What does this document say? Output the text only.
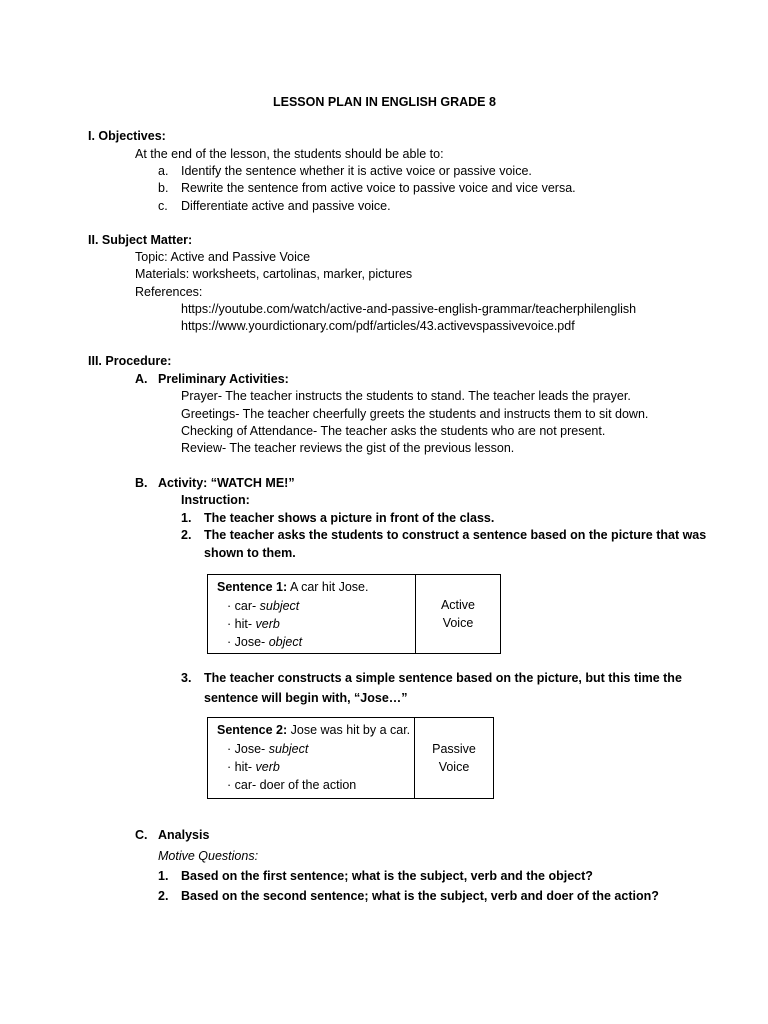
LESSON PLAN IN ENGLISH GRADE 8
I. Objectives:
At the end of the lesson, the students should be able to:
a. Identify the sentence whether it is active voice or passive voice.
b. Rewrite the sentence from active voice to passive voice and vice versa.
c. Differentiate active and passive voice.
II. Subject Matter:
Topic: Active and Passive Voice
Materials: worksheets, cartolinas, marker, pictures
References:
https://youtube.com/watch/active-and-passive-english-grammar/teacherphilenglish
https://www.yourdictionary.com/pdf/articles/43.activevspassivevoice.pdf
III. Procedure:
A. Preliminary Activities:
Prayer- The teacher instructs the students to stand. The teacher leads the prayer.
Greetings- The teacher cheerfully greets the students and instructs them to sit down.
Checking of Attendance- The teacher asks the students who are not present.
Review- The teacher reviews the gist of the previous lesson.
B. Activity: “WATCH ME!”
Instruction:
1. The teacher shows a picture in front of the class.
2. The teacher asks the students to construct a sentence based on the picture that was
shown to them.
Sentence 1: A car hit Jose.
· car- subject
· hit- verb
· Jose- object
Active
Voice
3. The teacher constructs a simple sentence based on the picture, but this time the
sentence will begin with, “Jose…”
Sentence 2: Jose was hit by a car.
· Jose- subject
· hit- verb
· car- doer of the action
Passive
Voice
C. Analysis
Motive Questions:
1. Based on the first sentence; what is the subject, verb and the object?
2. Based on the second sentence; what is the subject, verb and doer of the action?
